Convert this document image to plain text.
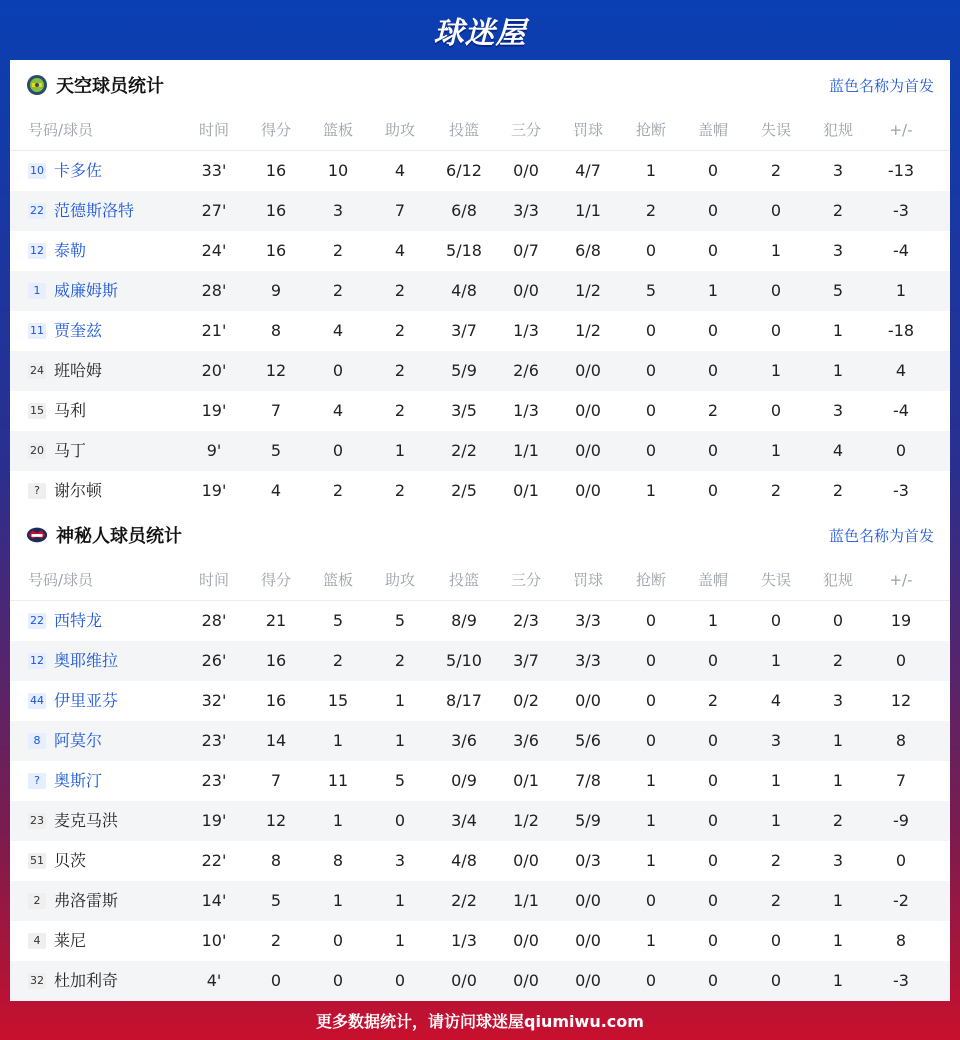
球迷屋
天空球员统计	蓝色名称为首发
号码/球员	时间	得分	篮板	助攻	投篮	三分	罚球	抢断	盖帽	失误	犯规	+/-
10 卡多佐	33'	16	10	4	6/12	0/0	4/7	1	0	2	3	-13
22 范德斯洛特	27'	16	3	7	6/8	3/3	1/1	2	0	0	2	-3
12 泰勒	24'	16	2	4	5/18	0/7	6/8	0	0	1	3	-4
1 威廉姆斯	28'	9	2	2	4/8	0/0	1/2	5	1	0	5	1
11 贾奎兹	21'	8	4	2	3/7	1/3	1/2	0	0	0	1	-18
24 班哈姆	20'	12	0	2	5/9	2/6	0/0	0	0	1	1	4
15 马利	19'	7	4	2	3/5	1/3	0/0	0	2	0	3	-4
20 马丁	9'	5	0	1	2/2	1/1	0/0	0	0	1	4	0
? 谢尔顿	19'	4	2	2	2/5	0/1	0/0	1	0	2	2	-3
神秘人球员统计	蓝色名称为首发
号码/球员	时间	得分	篮板	助攻	投篮	三分	罚球	抢断	盖帽	失误	犯规	+/-
22 西特龙	28'	21	5	5	8/9	2/3	3/3	0	1	0	0	19
12 奥耶维拉	26'	16	2	2	5/10	3/7	3/3	0	0	1	2	0
44 伊里亚芬	32'	16	15	1	8/17	0/2	0/0	0	2	4	3	12
8 阿莫尔	23'	14	1	1	3/6	3/6	5/6	0	0	3	1	8
? 奥斯汀	23'	7	11	5	0/9	0/1	7/8	1	0	1	1	7
23 麦克马洪	19'	12	1	0	3/4	1/2	5/9	1	0	1	2	-9
51 贝茨	22'	8	8	3	4/8	0/0	0/3	1	0	2	3	0
2 弗洛雷斯	14'	5	1	1	2/2	1/1	0/0	0	0	2	1	-2
4 莱尼	10'	2	0	1	1/3	0/0	0/0	1	0	0	1	8
32 杜加利奇	4'	0	0	0	0/0	0/0	0/0	0	0	0	1	-3
更多数据统计，请访问球迷屋qiumiwu.com
